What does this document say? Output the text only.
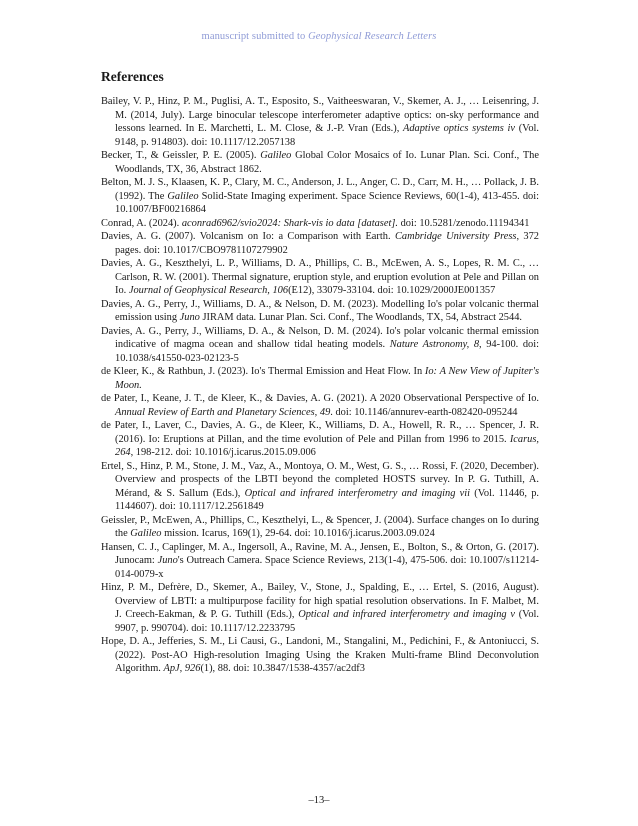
manuscript submitted to Geophysical Research Letters
References
Bailey, V. P., Hinz, P. M., Puglisi, A. T., Esposito, S., Vaitheeswaran, V., Skemer, A. J., … Leisenring, J. M. (2014, July). Large binocular telescope interferometer adaptive optics: on-sky performance and lessons learned. In E. Marchetti, L. M. Close, & J.-P. Vran (Eds.), Adaptive optics systems iv (Vol. 9148, p. 914803). doi: 10.1117/12.2057138
Becker, T., & Geissler, P. E. (2005). Galileo Global Color Mosaics of Io. Lunar Plan. Sci. Conf., The Woodlands, TX, 36, Abstract 1862.
Belton, M. J. S., Klaasen, K. P., Clary, M. C., Anderson, J. L., Anger, C. D., Carr, M. H., … Pollack, J. B. (1992). The Galileo Solid-State Imaging experiment. Space Science Reviews, 60(1-4), 413-455. doi: 10.1007/BF00216864
Conrad, A. (2024). aconrad6962/svio2024: Shark-vis io data [dataset]. doi: 10.5281/zenodo.11194341
Davies, A. G. (2007). Volcanism on Io: a Comparison with Earth. Cambridge University Press, 372 pages. doi: 10.1017/CBO9781107279902
Davies, A. G., Keszthelyi, L. P., Williams, D. A., Phillips, C. B., McEwen, A. S., Lopes, R. M. C., … Carlson, R. W. (2001). Thermal signature, eruption style, and eruption evolution at Pele and Pillan on Io. Journal of Geophysical Research, 106(E12), 33079-33104. doi: 10.1029/2000JE001357
Davies, A. G., Perry, J., Williams, D. A., & Nelson, D. M. (2023). Modelling Io's polar volcanic thermal emission using Juno JIRAM data. Lunar Plan. Sci. Conf., The Woodlands, TX, 54, Abstract 2544.
Davies, A. G., Perry, J., Williams, D. A., & Nelson, D. M. (2024). Io's polar volcanic thermal emission indicative of magma ocean and shallow tidal heating models. Nature Astronomy, 8, 94-100. doi: 10.1038/s41550-023-02123-5
de Kleer, K., & Rathbun, J. (2023). Io's Thermal Emission and Heat Flow. In Io: A New View of Jupiter's Moon.
de Pater, I., Keane, J. T., de Kleer, K., & Davies, A. G. (2021). A 2020 Observational Perspective of Io. Annual Review of Earth and Planetary Sciences, 49. doi: 10.1146/annurev-earth-082420-095244
de Pater, I., Laver, C., Davies, A. G., de Kleer, K., Williams, D. A., Howell, R. R., … Spencer, J. R. (2016). Io: Eruptions at Pillan, and the time evolution of Pele and Pillan from 1996 to 2015. Icarus, 264, 198-212. doi: 10.1016/j.icarus.2015.09.006
Ertel, S., Hinz, P. M., Stone, J. M., Vaz, A., Montoya, O. M., West, G. S., … Rossi, F. (2020, December). Overview and prospects of the LBTI beyond the completed HOSTS survey. In P. G. Tuthill, A. Mérand, & S. Sallum (Eds.), Optical and infrared interferometry and imaging vii (Vol. 11446, p. 1144607). doi: 10.1117/12.2561849
Geissler, P., McEwen, A., Phillips, C., Keszthelyi, L., & Spencer, J. (2004). Surface changes on Io during the Galileo mission. Icarus, 169(1), 29-64. doi: 10.1016/j.icarus.2003.09.024
Hansen, C. J., Caplinger, M. A., Ingersoll, A., Ravine, M. A., Jensen, E., Bolton, S., & Orton, G. (2017). Junocam: Juno's Outreach Camera. Space Science Reviews, 213(1-4), 475-506. doi: 10.1007/s11214-014-0079-x
Hinz, P. M., Defrère, D., Skemer, A., Bailey, V., Stone, J., Spalding, E., … Ertel, S. (2016, August). Overview of LBTI: a multipurpose facility for high spatial resolution observations. In F. Malbet, M. J. Creech-Eakman, & P. G. Tuthill (Eds.), Optical and infrared interferometry and imaging v (Vol. 9907, p. 990704). doi: 10.1117/12.2233795
Hope, D. A., Jefferies, S. M., Li Causi, G., Landoni, M., Stangalini, M., Pedichini, F., & Antoniucci, S. (2022). Post-AO High-resolution Imaging Using the Kraken Multi-frame Blind Deconvolution Algorithm. ApJ, 926(1), 88. doi: 10.3847/1538-4357/ac2df3
–13–
